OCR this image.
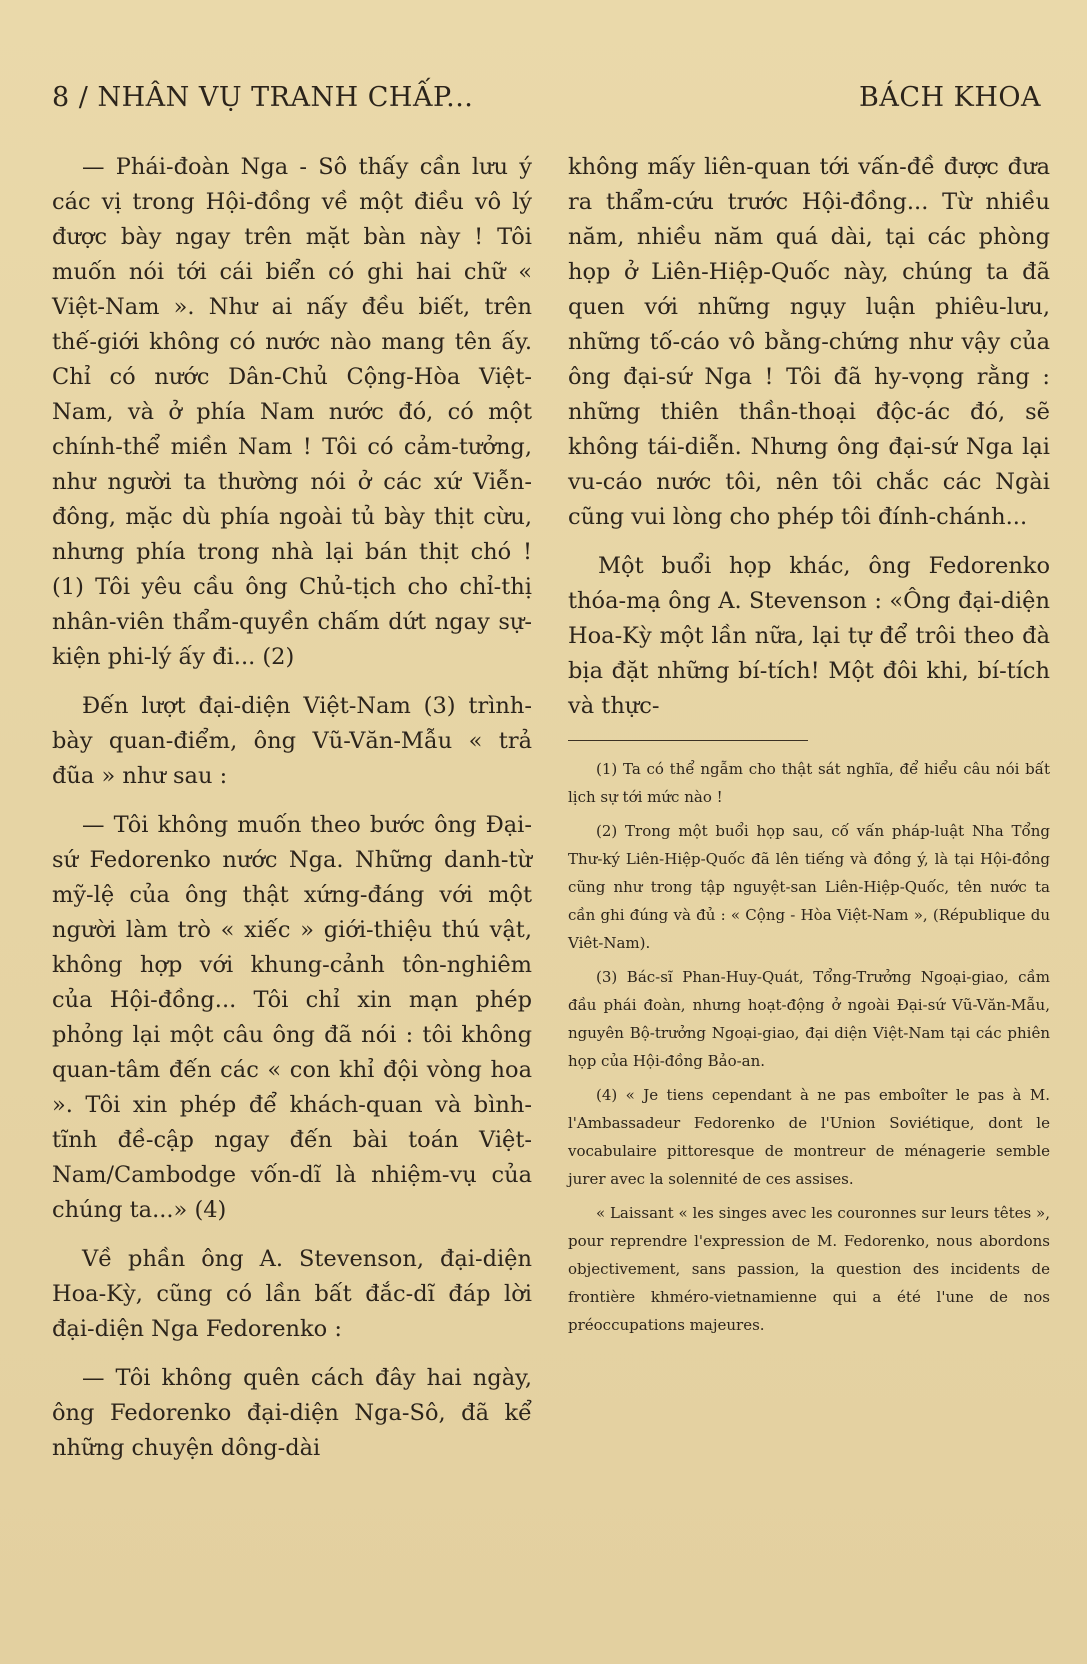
8 / NHÂN VỤ TRANH CHẤP...	BÁCH KHOA

— Phái-đoàn Nga - Sô thấy cần lưu ý các vị trong Hội-đồng về một điều vô lý được bày ngay trên mặt bàn này ! Tôi muốn nói tới cái biển có ghi hai chữ « Việt-Nam ». Như ai nấy đều biết, trên thế-giới không có nước nào mang tên ấy. Chỉ có nước Dân-Chủ Cộng-Hòa Việt-Nam, và ở phía Nam nước đó, có một chính-thể miền Nam ! Tôi có cảm-tưởng, như người ta thường nói ở các xứ Viễn-đông, mặc dù phía ngoài tủ bày thịt cừu, nhưng phía trong nhà lại bán thịt chó ! (1) Tôi yêu cầu ông Chủ-tịch cho chỉ-thị nhân-viên thẩm-quyền chấm dứt ngay sự-kiện phi-lý ấy đi... (2)

Đến lượt đại-diện Việt-Nam (3) trình-bày quan-điểm, ông Vũ-Văn-Mẫu « trả đũa » như sau :

— Tôi không muốn theo bước ông Đại-sứ Fedorenko nước Nga. Những danh-từ mỹ-lệ của ông thật xứng-đáng với một người làm trò « xiếc » giới-thiệu thú vật, không hợp với khung-cảnh tôn-nghiêm của Hội-đồng... Tôi chỉ xin mạn phép phỏng lại một câu ông đã nói : tôi không quan-tâm đến các « con khỉ đội vòng hoa ». Tôi xin phép để khách-quan và bình-tĩnh đề-cập ngay đến bài toán Việt-Nam/Cambodge vốn-dĩ là nhiệm-vụ của chúng ta...» (4)

Về phần ông A. Stevenson, đại-diện Hoa-Kỳ, cũng có lần bất đắc-dĩ đáp lời đại-diện Nga Fedorenko :

— Tôi không quên cách đây hai ngày, ông Fedorenko đại-diện Nga-Sô, đã kể những chuyện dông-dài

không mấy liên-quan tới vấn-đề được đưa ra thẩm-cứu trước Hội-đồng... Từ nhiều năm, nhiều năm quá dài, tại các phòng họp ở Liên-Hiệp-Quốc này, chúng ta đã quen với những ngụy luận phiêu-lưu, những tố-cáo vô bằng-chứng như vậy của ông đại-sứ Nga ! Tôi đã hy-vọng rằng : những thiên thần-thoại độc-ác đó, sẽ không tái-diễn. Nhưng ông đại-sứ Nga lại vu-cáo nước tôi, nên tôi chắc các Ngài cũng vui lòng cho phép tôi đính-chánh...

Một buổi họp khác, ông Fedorenko thóa-mạ ông A. Stevenson : «Ông đại-diện Hoa-Kỳ một lần nữa, lại tự để trôi theo đà bịa đặt những bí-tích! Một đôi khi, bí-tích và thực-

(1) Ta có thể ngẫm cho thật sát nghĩa, để hiểu câu nói bất lịch sự tới mức nào !

(2) Trong một buổi họp sau, cố vấn pháp-luật Nha Tổng Thư-ký Liên-Hiệp-Quốc đã lên tiếng và đồng ý, là tại Hội-đồng cũng như trong tập nguyệt-san Liên-Hiệp-Quốc, tên nước ta cần ghi đúng và đủ : « Cộng - Hòa Việt-Nam », (République du Viêt-Nam).

(3) Bác-sĩ Phan-Huy-Quát, Tổng-Trưởng Ngoại-giao, cầm đầu phái đoàn, nhưng hoạt-động ở ngoài Đại-sứ Vũ-Văn-Mẫu, nguyên Bộ-trưởng Ngoại-giao, đại diện Việt-Nam tại các phiên họp của Hội-đồng Bảo-an.

(4) « Je tiens cependant à ne pas emboîter le pas à M. l'Ambassadeur Fedorenko de l'Union Soviétique, dont le vocabulaire pittoresque de montreur de ménagerie semble jurer avec la solennité de ces assises.

« Laissant « les singes avec les couronnes sur leurs têtes », pour reprendre l'expression de M. Fedorenko, nous abordons objectivement, sans passion, la question des incidents de frontière khméro-vietnamienne qui a été l'une de nos préoccupations majeures.
